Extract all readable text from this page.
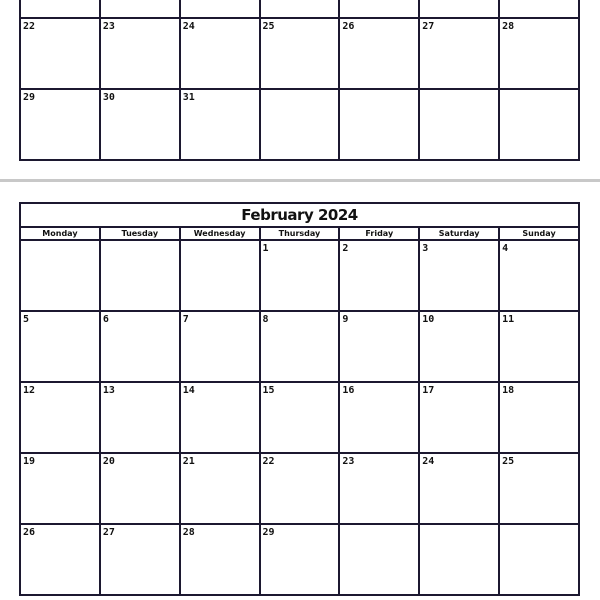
22	23	24	25	26	27	28

29	30	31				

February 2024						
Monday	Tuesday	Wednesday	Thursday	Friday	Saturday	Sunday

			1	2	3	4

5	6	7	8	9	10	11

12	13	14	15	16	17	18

19	20	21	22	23	24	25

26	27	28	29			
